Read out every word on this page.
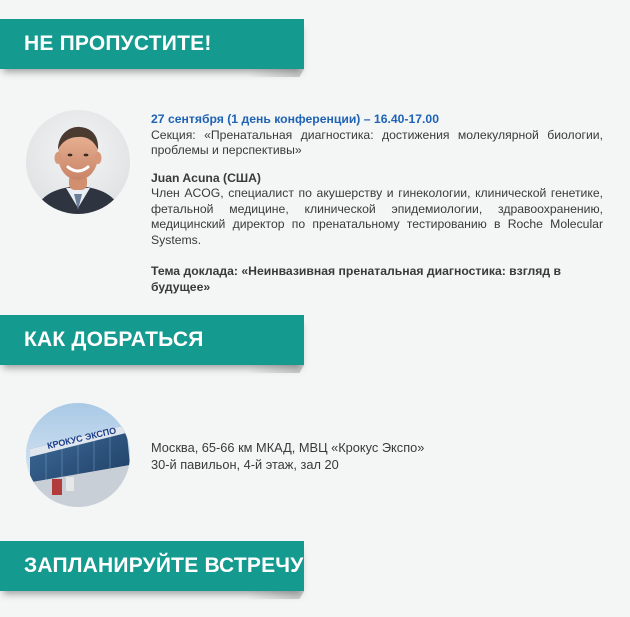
НЕ ПРОПУСТИТЕ!
27 сентября (1 день конференции) – 16.40-17.00
Секция: «Пренатальная диагностика: достижения молекулярной биологии, проблемы и перспективы»
Juan Acuna (США)
Член ACOG, специалист по акушерству и гинекологии, клинической генетике, фетальной медицине, клинической эпидемиологии, здравоохранению, медицинский директор по пренатальному тестированию в Roche Molecular Systems.
Тема доклада: «Неинвазивная пренатальная диагностика: взгляд в будущее»
КАК ДОБРАТЬСЯ
КРОКУС ЭКСПО	Москва, 65-66 км МКАД, МВЦ «Крокус Экспо»
30-й павильон, 4-й этаж, зал 20
ЗАПЛАНИРУЙТЕ ВСТРЕЧУ
